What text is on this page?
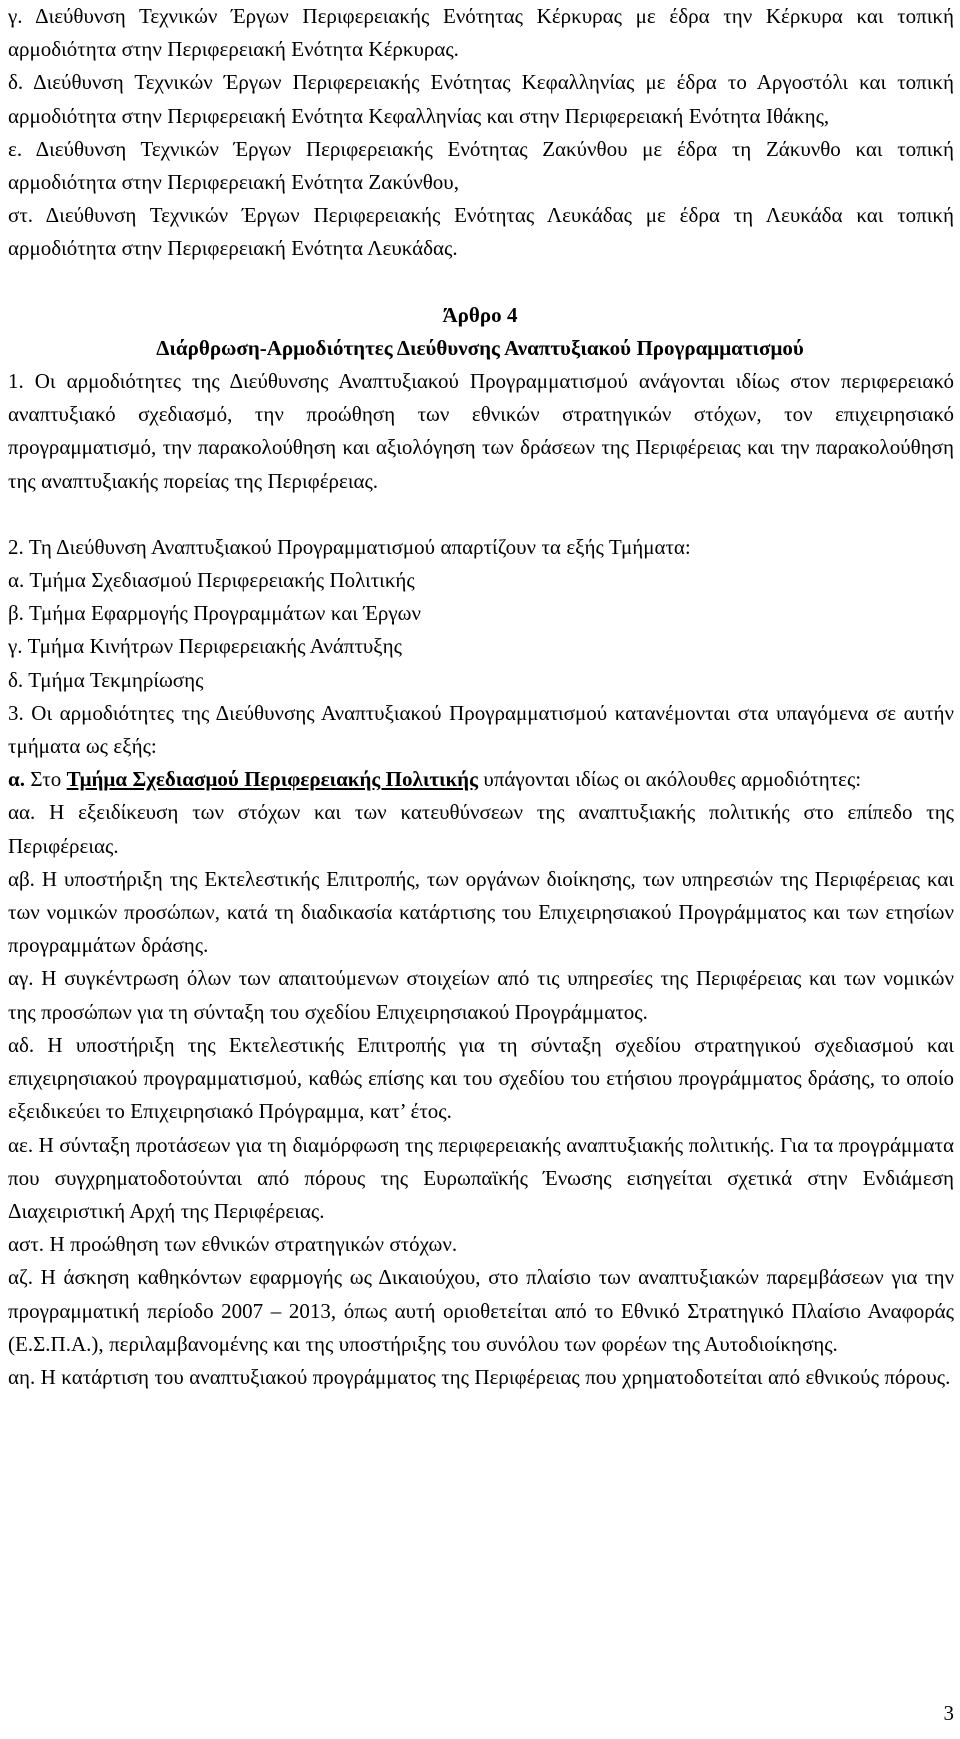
γ. Διεύθυνση Τεχνικών Έργων Περιφερειακής Ενότητας Κέρκυρας με έδρα την Κέρκυρα και τοπική αρμοδιότητα στην Περιφερειακή Ενότητα Κέρκυρας.

δ. Διεύθυνση Τεχνικών Έργων Περιφερειακής Ενότητας Κεφαλληνίας με έδρα το Αργοστόλι και τοπική αρμοδιότητα στην Περιφερειακή Ενότητα Κεφαλληνίας και στην Περιφερειακή Ενότητα Ιθάκης,

ε. Διεύθυνση Τεχνικών Έργων Περιφερειακής Ενότητας Ζακύνθου με έδρα τη Ζάκυνθο και τοπική αρμοδιότητα στην Περιφερειακή Ενότητα Ζακύνθου,

στ. Διεύθυνση Τεχνικών Έργων Περιφερειακής Ενότητας Λευκάδας με έδρα τη Λευκάδα και τοπική αρμοδιότητα στην Περιφερειακή Ενότητα Λευκάδας.

Άρθρο 4

Διάρθρωση-Αρμοδιότητες Διεύθυνσης Αναπτυξιακού Προγραμματισμού

1. Οι αρμοδιότητες της Διεύθυνσης Αναπτυξιακού Προγραμματισμού ανάγονται ιδίως στον περιφερειακό αναπτυξιακό σχεδιασμό, την προώθηση των εθνικών στρατηγικών στόχων, τον επιχειρησιακό προγραμματισμό, την παρακολούθηση και αξιολόγηση των δράσεων της Περιφέρειας και την παρακολούθηση της αναπτυξιακής πορείας της Περιφέρειας.

2. Τη Διεύθυνση Αναπτυξιακού Προγραμματισμού απαρτίζουν τα εξής Τμήματα:

α. Τμήμα Σχεδιασμού Περιφερειακής Πολιτικής

β. Τμήμα Εφαρμογής Προγραμμάτων και Έργων

γ. Τμήμα Κινήτρων Περιφερειακής Ανάπτυξης

δ. Τμήμα Τεκμηρίωσης

3. Οι αρμοδιότητες της Διεύθυνσης Αναπτυξιακού Προγραμματισμού κατανέμονται στα υπαγόμενα σε αυτήν τμήματα ως εξής:

α. Στο Τμήμα Σχεδιασμού Περιφερειακής Πολιτικής υπάγονται ιδίως οι ακόλουθες αρμοδιότητες:

αα. Η εξειδίκευση των στόχων και των κατευθύνσεων της αναπτυξιακής πολιτικής στο επίπεδο της Περιφέρειας.

αβ. Η υποστήριξη της Εκτελεστικής Επιτροπής, των οργάνων διοίκησης, των υπηρεσιών της Περιφέρειας και των νομικών προσώπων, κατά τη διαδικασία κατάρτισης του Επιχειρησιακού Προγράμματος και των ετησίων προγραμμάτων δράσης.

αγ. Η συγκέντρωση όλων των απαιτούμενων στοιχείων από τις υπηρεσίες της Περιφέρειας και των νομικών της προσώπων για τη σύνταξη του σχεδίου Επιχειρησιακού Προγράμματος.

αδ. Η υποστήριξη της Εκτελεστικής Επιτροπής για τη σύνταξη σχεδίου στρατηγικού σχεδιασμού και επιχειρησιακού προγραμματισμού, καθώς επίσης και του σχεδίου του ετήσιου προγράμματος δράσης, το οποίο εξειδικεύει το Επιχειρησιακό Πρόγραμμα, κατ’ έτος.

αε. Η σύνταξη προτάσεων για τη διαμόρφωση της περιφερειακής αναπτυξιακής πολιτικής. Για τα προγράμματα που συγχρηματοδοτούνται από πόρους της Ευρωπαϊκής Ένωσης εισηγείται σχετικά στην Ενδιάμεση Διαχειριστική Αρχή της Περιφέρειας.

αστ. Η προώθηση των εθνικών στρατηγικών στόχων.

αζ. Η άσκηση καθηκόντων εφαρμογής ως Δικαιούχου, στο πλαίσιο των αναπτυξιακών παρεμβάσεων για την προγραμματική περίοδο 2007 – 2013, όπως αυτή οριοθετείται από το Εθνικό Στρατηγικό Πλαίσιο Αναφοράς (Ε.Σ.Π.Α.), περιλαμβανομένης και της υποστήριξης του συνόλου των φορέων της Αυτοδιοίκησης.

αη. Η κατάρτιση του αναπτυξιακού προγράμματος της Περιφέρειας που χρηματοδοτείται από εθνικούς πόρους.

3
